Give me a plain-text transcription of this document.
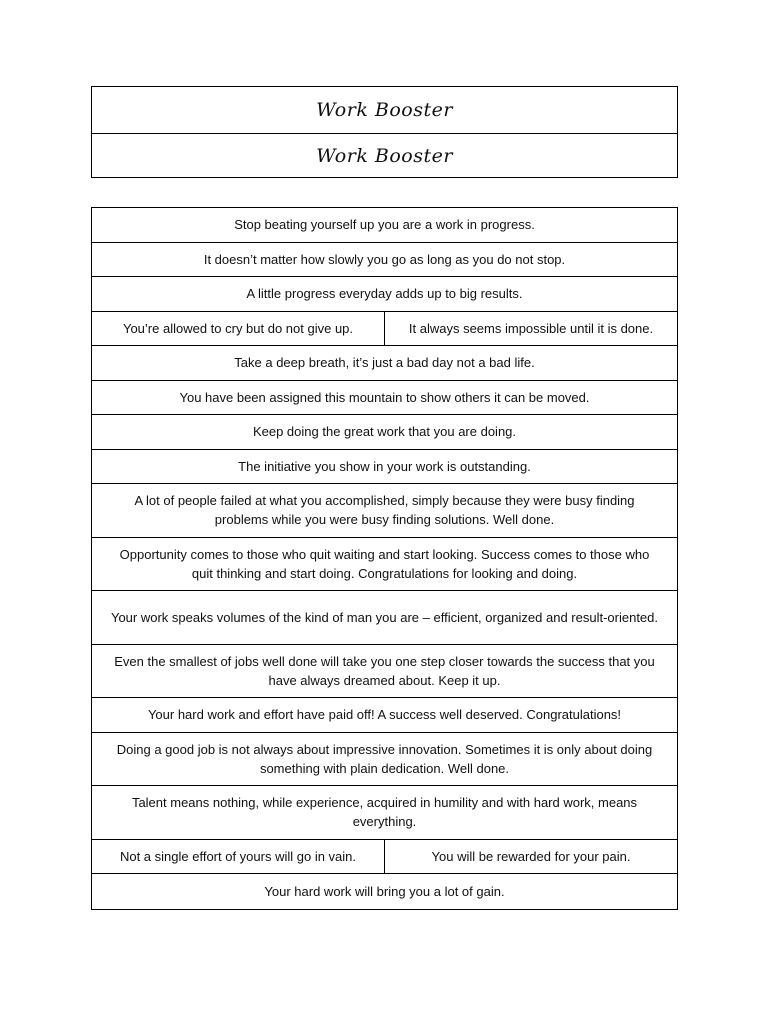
Work Booster
Work Booster
Stop beating yourself up you are a work in progress.
It doesn’t matter how slowly you go as long as you do not stop.
A little progress everyday adds up to big results.
You’re allowed to cry but do not give up.	It always seems impossible until it is done.
Take a deep breath, it’s just a bad day not a bad life.
You have been assigned this mountain to show others it can be moved.
Keep doing the great work that you are doing.
The initiative you show in your work is outstanding.
A lot of people failed at what you accomplished, simply because they were busy finding problems while you were busy finding solutions. Well done.
Opportunity comes to those who quit waiting and start looking. Success comes to those who quit thinking and start doing. Congratulations for looking and doing.
Your work speaks volumes of the kind of man you are – efficient, organized and result-oriented.
Even the smallest of jobs well done will take you one step closer towards the success that you have always dreamed about. Keep it up.
Your hard work and effort have paid off! A success well deserved. Congratulations!
Doing a good job is not always about impressive innovation. Sometimes it is only about doing something with plain dedication. Well done.
Talent means nothing, while experience, acquired in humility and with hard work, means everything.
Not a single effort of yours will go in vain.	You will be rewarded for your pain.
Your hard work will bring you a lot of gain.
